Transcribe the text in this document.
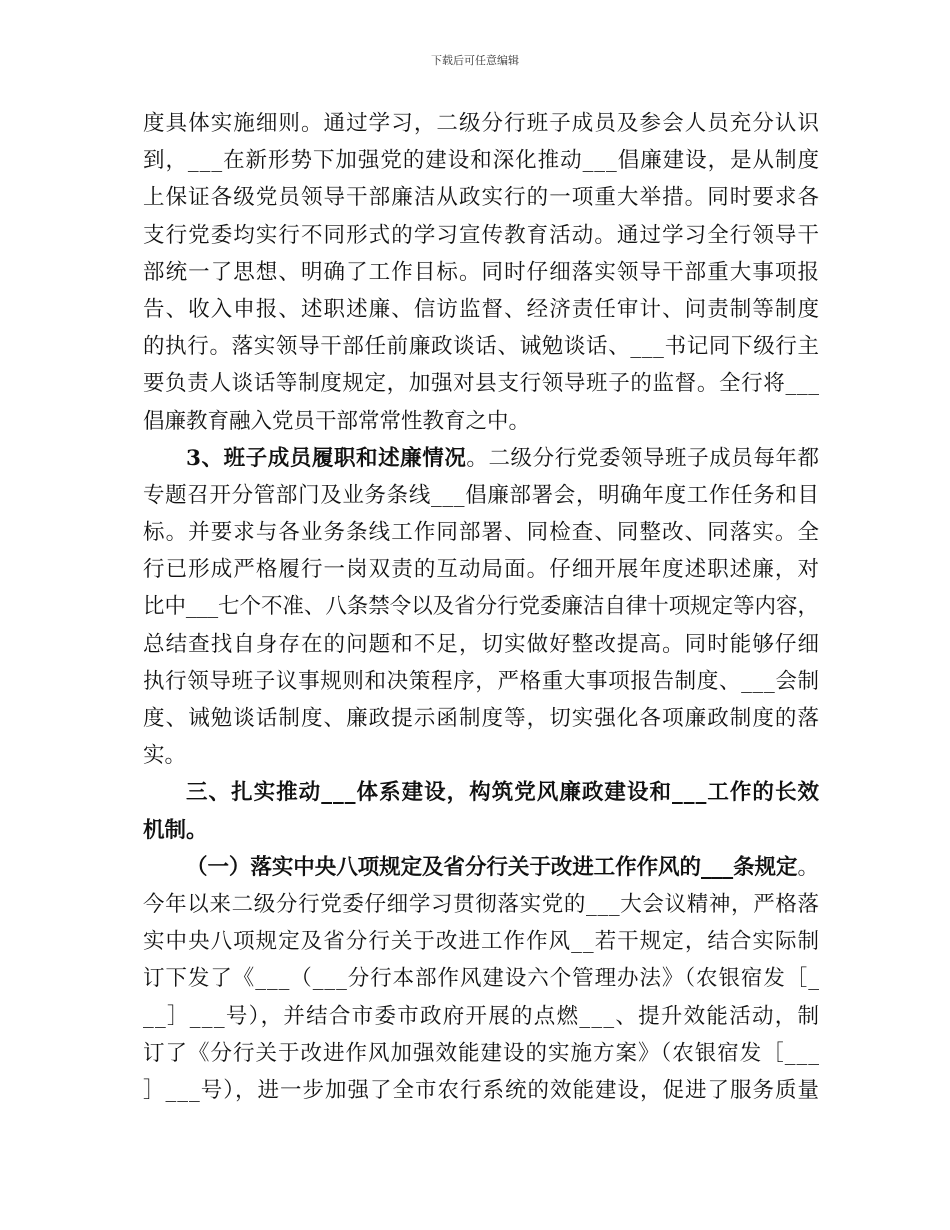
下载后可任意编辑
度具体实施细则。通过学习，二级分行班子成员及参会人员充分认识
到，___在新形势下加强党的建设和深化推动___倡廉建设，是从制度
上保证各级党员领导干部廉洁从政实行的一项重大举措。同时要求各
支行党委均实行不同形式的学习宣传教育活动。通过学习全行领导干
部统一了思想、明确了工作目标。同时仔细落实领导干部重大事项报
告、收入申报、述职述廉、信访监督、经济责任审计、问责制等制度
的执行。落实领导干部任前廉政谈话、诫勉谈话、___书记同下级行主
要负责人谈话等制度规定，加强对县支行领导班子的监督。全行将___
倡廉教育融入党员干部常常性教育之中。
3、班子成员履职和述廉情况。二级分行党委领导班子成员每年都
专题召开分管部门及业务条线___倡廉部署会，明确年度工作任务和目
标。并要求与各业务条线工作同部署、同检查、同整改、同落实。全
行已形成严格履行一岗双责的互动局面。仔细开展年度述职述廉，对
比中___七个不准、八条禁令以及省分行党委廉洁自律十项规定等内容，
总结查找自身存在的问题和不足，切实做好整改提高。同时能够仔细
执行领导班子议事规则和决策程序，严格重大事项报告制度、___会制
度、诫勉谈话制度、廉政提示函制度等，切实强化各项廉政制度的落
实。
三、扎实推动___体系建设，构筑党风廉政建设和___工作的长效
机制。
（一）落实中央八项规定及省分行关于改进工作作风的___条规定。
今年以来二级分行党委仔细学习贯彻落实党的___大会议精神，严格落
实中央八项规定及省分行关于改进工作作风__若干规定，结合实际制
订下发了《___（___分行本部作风建设六个管理办法》（农银宿发［_
__］___号），并结合市委市政府开展的点燃___、提升效能活动，制
订了《分行关于改进作风加强效能建设的实施方案》（农银宿发［___
］___号），进一步加强了全市农行系统的效能建设，促进了服务质量
